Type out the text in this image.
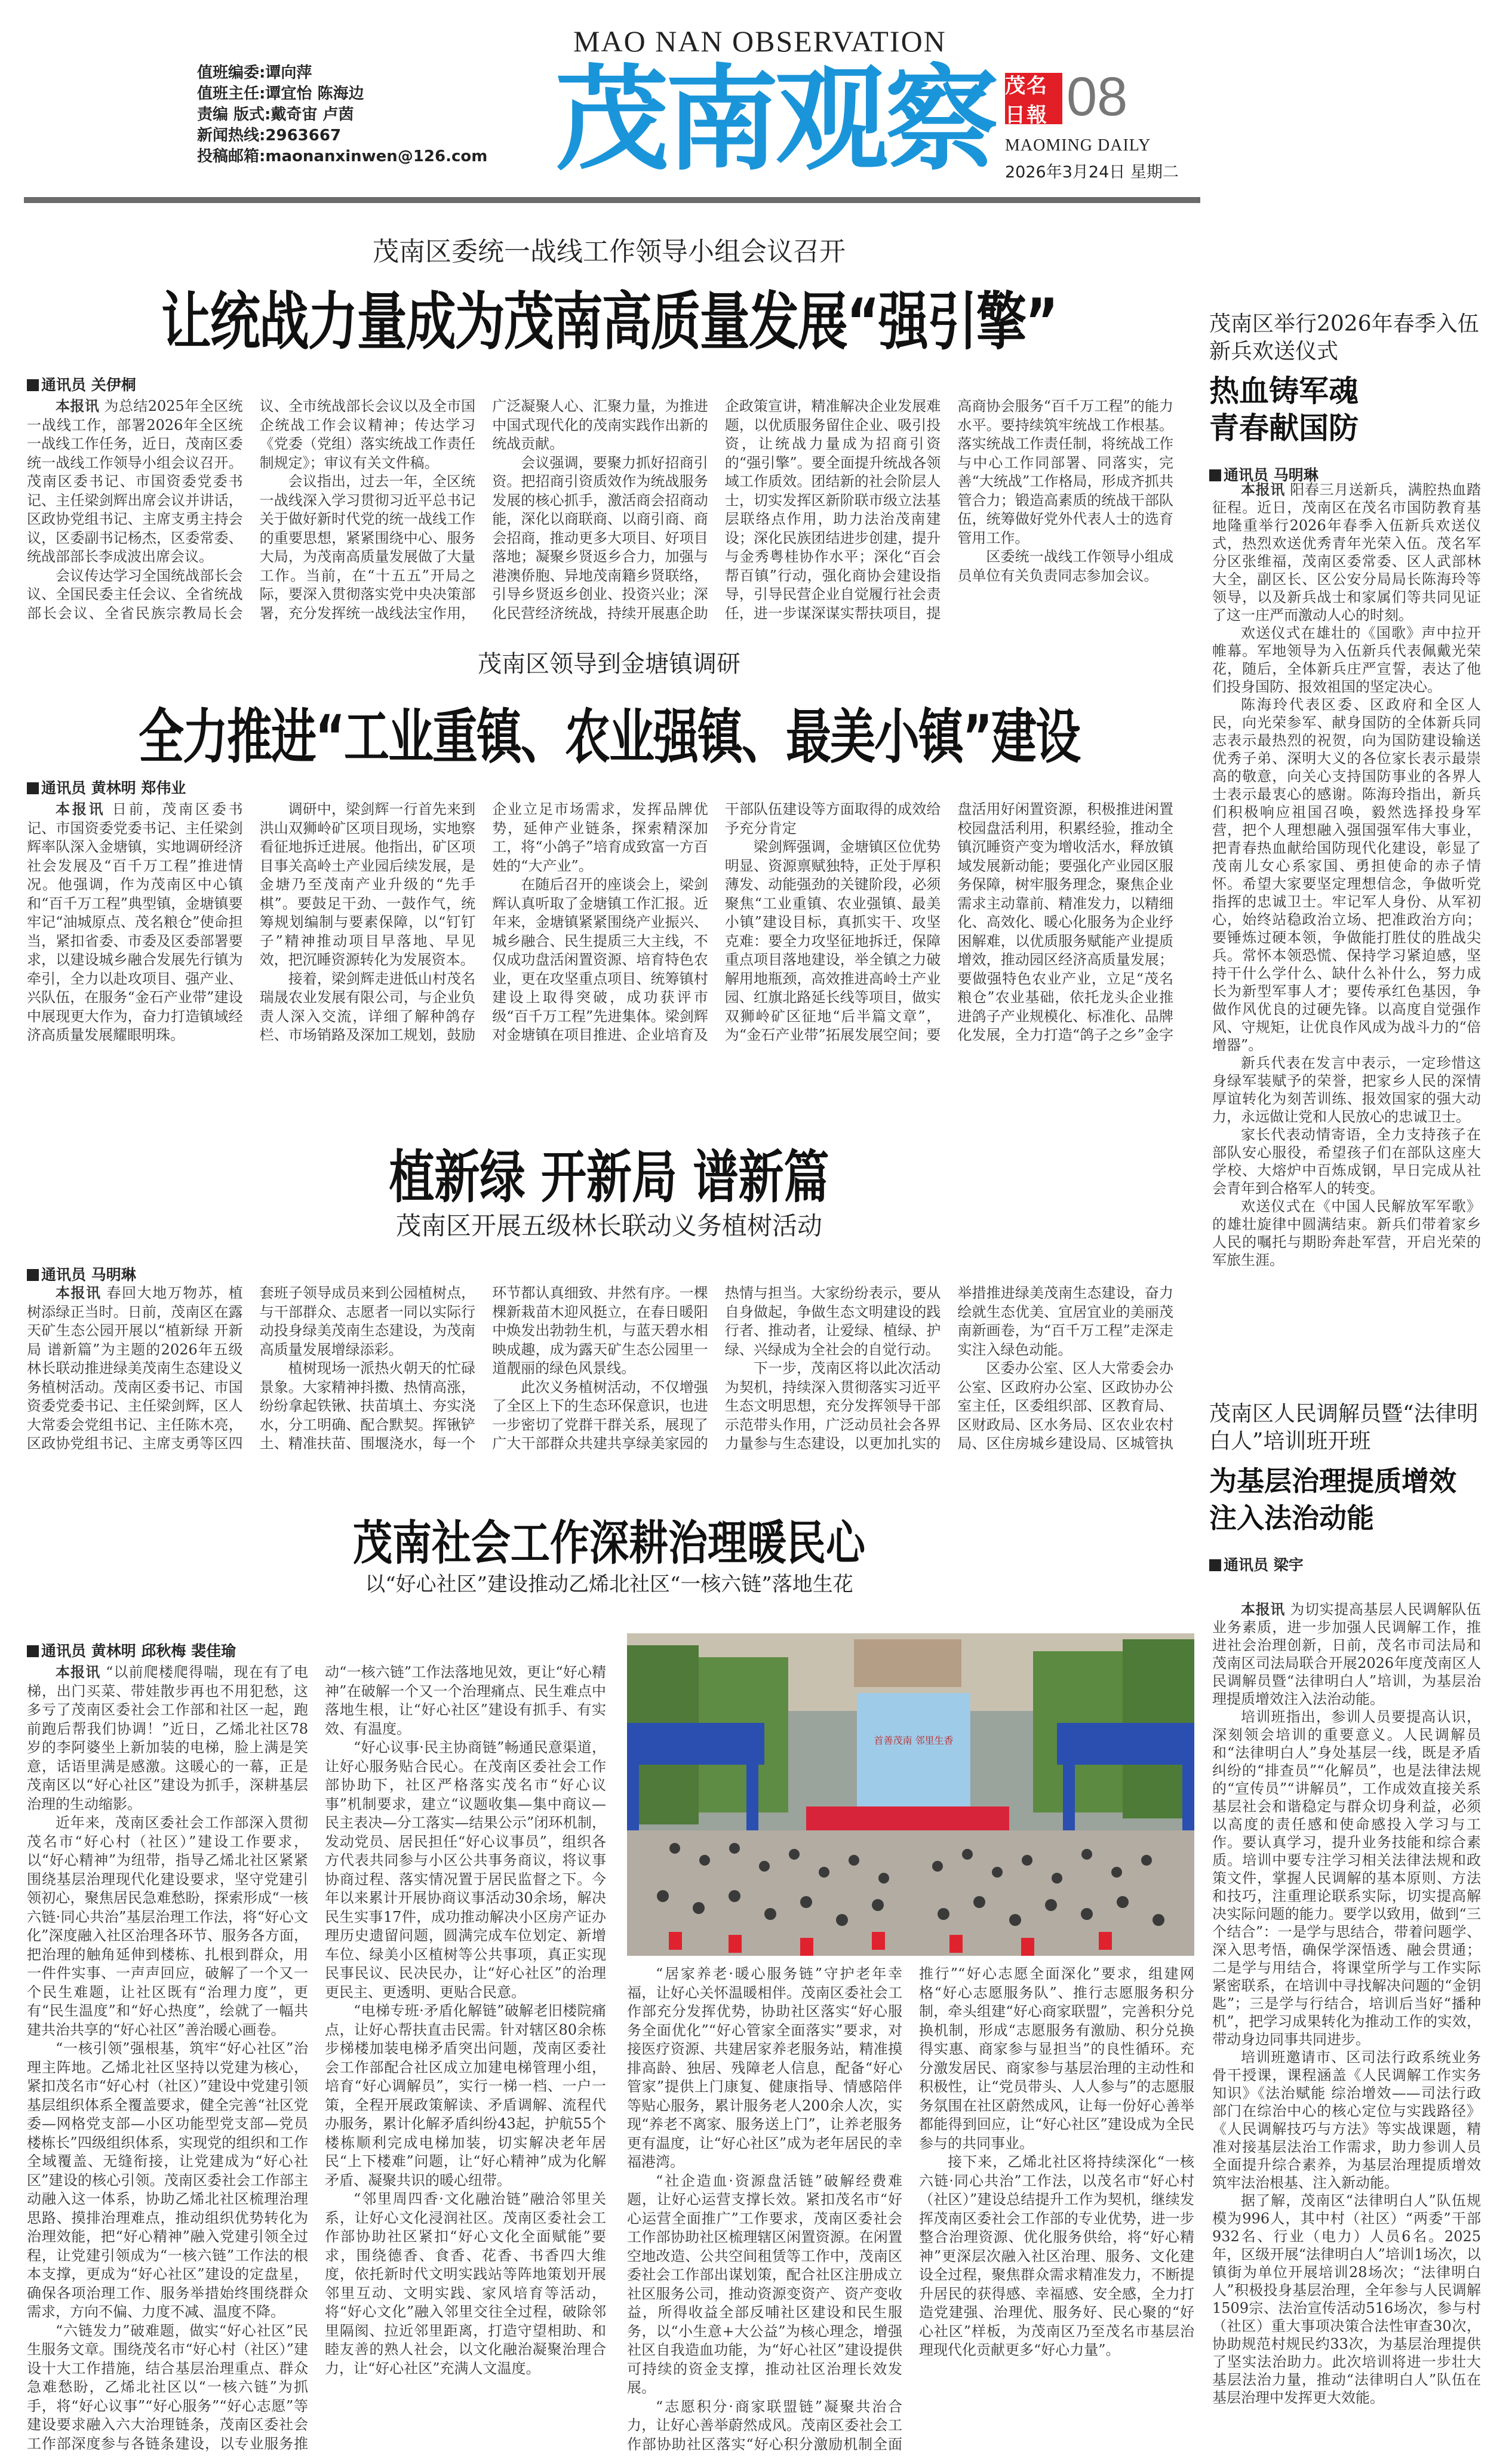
值班编委:谭向萍
值班主任:谭宜怡 陈海边
责编 版式:戴奇宙 卢茵
新闻热线:2963667
投稿邮箱:maonanxinwen@126.com
MAO NAN OBSERVATION
茂南观察 茂名日報 08
MAOMING DAILY
2026年3月24日 星期二
茂南区委统一战线工作领导小组会议召开
让统战力量成为茂南高质量发展“强引擎”
通讯员 关伊桐

本报讯 为总结2025年全区统一战线工作，部署2026年全区统一战线工作任务，近日，茂南区委统一战线工作领导小组会议召开。茂南区委书记、市国资委党委书记、主任梁剑辉出席会议并讲话，区政协党组书记、主席支勇主持会议，区委副书记杨杰，区委常委、统战部部长李成波出席会议。

会议传达学习全国统战部长会议、全国民委主任会议、全省统战部长会议、全省民族宗教局长会议、全市统战部长会议以及全市国企统战工作会议精神；传达学习《党委（党组）落实统战工作责任制规定》；审议有关文件稿。

会议指出，过去一年，全区统一战线深入学习贯彻习近平总书记关于做好新时代党的统一战线工作的重要思想，紧紧围绕中心、服务大局，为茂南高质量发展做了大量工作。当前，在“十五五”开局之际，要深入贯彻落实党中央决策部署，充分发挥统一战线法宝作用，广泛凝聚人心、汇聚力量，为推进中国式现代化的茂南实践作出新的统战贡献。

会议强调，要聚力抓好招商引资。把招商引资质效作为统战服务发展的核心抓手，激活商会招商动能，深化以商联商、以商引商、商会招商，推动更多大项目、好项目落地；凝聚乡贤返乡合力，加强与港澳侨胞、异地茂南籍乡贤联络，引导乡贤返乡创业、投资兴业；深化民营经济统战，持续开展惠企助企政策宣讲，精准解决企业发展难题，以优质服务留住企业、吸引投资，让统战力量成为招商引资的“强引擎”。要全面提升统战各领域工作质效。团结新的社会阶层人士，切实发挥区新阶联市级立法基层联络点作用，助力法治茂南建设；深化民族团结进步创建，提升与金秀粤桂协作水平；深化“百会帮百镇”行动，强化商协会建设指导，引导民营企业自觉履行社会责任，进一步谋深谋实帮扶项目，提高商协会服务“百千万工程”的能力水平。要持续筑牢统战工作根基。落实统战工作责任制，将统战工作与中心工作同部署、同落实，完善“大统战”工作格局，形成齐抓共管合力；锻造高素质的统战干部队伍，统筹做好党外代表人士的选育管用工作。

区委统一战线工作领导小组成员单位有关负责同志参加会议。

茂南区领导到金塘镇调研
全力推进“工业重镇、农业强镇、最美小镇”建设
通讯员 黄林明 郑伟业

本报讯 日前，茂南区委书记、市国资委党委书记、主任梁剑辉率队深入金塘镇，实地调研经济社会发展及“百千万工程”推进情况。他强调，作为茂南区中心镇和“百千万工程”典型镇，金塘镇要牢记“油城原点、茂名粮仓”使命担当，紧扣省委、市委及区委部署要求，以建设城乡融合发展先行镇为牵引，全力以赴攻项目、强产业、兴队伍，在服务“金石产业带”建设中展现更大作为，奋力打造镇域经济高质量发展耀眼明珠。

调研中，梁剑辉一行首先来到洪山双狮岭矿区项目现场，实地察看征地拆迁进展。他指出，矿区项目事关高岭土产业园后续发展，是金塘乃至茂南产业升级的“先手棋”。要鼓足干劲、一鼓作气，统筹规划编制与要素保障，以“钉钉子”精神推动项目早落地、早见效，把沉睡资源转化为发展资本。

接着，梁剑辉走进低山村茂名瑞晟农业发展有限公司，与企业负责人深入交流，详细了解种鸽存栏、市场销路及深加工规划，鼓励企业立足市场需求，发挥品牌优势，延伸产业链条，探索精深加工，将“小鸽子”培育成致富一方百姓的“大产业”。

在随后召开的座谈会上，梁剑辉认真听取了金塘镇工作汇报。近年来，金塘镇紧紧围绕产业振兴、城乡融合、民生提质三大主线，不仅成功盘活闲置资源、培育特色农业，更在攻坚重点项目、统筹镇村建设上取得突破，成功获评市级“百千万工程”先进集体。梁剑辉对金塘镇在项目推进、企业培育及干部队伍建设等方面取得的成效给予充分肯定

梁剑辉强调，金塘镇区位优势明显、资源禀赋独特，正处于厚积薄发、动能强劲的关键阶段，必须聚焦“工业重镇、农业强镇、最美小镇”建设目标，真抓实干、攻坚克难：要全力攻坚征地拆迁，保障重点项目落地建设，举全镇之力破解用地瓶颈，高效推进高岭土产业园、红旗北路延长线等项目，做实双狮岭矿区征地“后半篇文章”，为“金石产业带”拓展发展空间；要盘活用好闲置资源，积极推进闲置校园盘活利用，积累经验，推动全镇沉睡资产变为增收活水，释放镇域发展新动能；要强化产业园区服务保障，树牢服务理念，聚焦企业需求主动靠前、精准发力，以精细化、高效化、暖心化服务为企业纾困解难，以优质服务赋能产业提质增效，推动园区经济高质量发展；要做强特色农业产业，立足“茂名粮仓”农业基础，依托龙头企业推进鸽子产业规模化、标准化、品牌化发展，全力打造“鸽子之乡”金字

植新绿 开新局 谱新篇
茂南区开展五级林长联动义务植树活动
通讯员 马明琳

本报讯 春回大地万物苏，植树添绿正当时。日前，茂南区在露天矿生态公园开展以“植新绿 开新局 谱新篇”为主题的2026年五级林长联动推进绿美茂南生态建设义务植树活动。茂南区委书记、市国资委党委书记、主任梁剑辉，区人大常委会党组书记、主任陈木亮，区政协党组书记、主席支勇等区四套班子领导成员来到公园植树点，与干部群众、志愿者一同以实际行动投身绿美茂南生态建设，为茂南高质量发展增绿添彩。

植树现场一派热火朝天的忙碌景象。大家精神抖擞、热情高涨，纷纷拿起铁锹、扶苗填土、夯实浇水，分工明确、配合默契。挥锹铲土、精准扶苗、围堰浇水，每一个环节都认真细致、井然有序。一棵棵新栽苗木迎风挺立，在春日暖阳中焕发出勃勃生机，与蓝天碧水相映成趣，成为露天矿生态公园里一道靓丽的绿色风景线。

此次义务植树活动，不仅增强了全区上下的生态环保意识，也进一步密切了党群干群关系，展现了广大干部群众共建共享绿美家园的热情与担当。大家纷纷表示，要从自身做起，争做生态文明建设的践行者、推动者，让爱绿、植绿、护绿、兴绿成为全社会的自觉行动。

下一步，茂南区将以此次活动为契机，持续深入贯彻落实习近平生态文明思想，充分发挥领导干部示范带头作用，广泛动员社会各界力量参与生态建设，以更加扎实的举措推进绿美茂南生态建设，奋力绘就生态优美、宜居宜业的美丽茂南新画卷，为“百千万工程”走深走实注入绿色动能。

区委办公室、区人大常委会办公室、区政府办公室、区政协办公室主任，区委组织部、区教育局、区财政局、区水务局、区农业农村局、区住房城乡建设局、区城管执

茂南社会工作深耕治理暖民心
以“好心社区”建设推动乙烯北社区“一核六链”落地生花
通讯员 黄林明 邱秋梅 裴佳瑜
首善茂南 邻里生香

本报讯 “以前爬楼爬得喘，现在有了电梯，出门买菜、带娃散步再也不用犯愁，这多亏了茂南区委社会工作部和社区一起，跑前跑后帮我们协调！”近日，乙烯北社区78岁的李阿婆坐上新加装的电梯，脸上满是笑意，话语里满是感激。这暖心的一幕，正是茂南区以“好心社区”建设为抓手，深耕基层治理的生动缩影。

近年来，茂南区委社会工作部深入贯彻茂名市“好心村（社区）”建设工作要求，以“好心精神”为纽带，指导乙烯北社区紧紧围绕基层治理现代化建设要求，坚守党建引领初心，聚焦居民急难愁盼，探索形成“一核六链·同心共治”基层治理工作法，将“好心文化”深度融入社区治理各环节、服务各方面，把治理的触角延伸到楼栋、扎根到群众，用一件件实事、一声声回应，破解了一个又一个民生难题，让社区既有“治理力度”，更有“民生温度”和“好心热度”，绘就了一幅共建共治共享的“好心社区”善治暖心画卷。

“一核引领”强根基，筑牢“好心社区”治理主阵地。乙烯北社区坚持以党建为核心，紧扣茂名市“好心村（社区）”建设中党建引领基层组织体系全覆盖要求，健全完善“社区党委—网格党支部—小区功能型党支部—党员楼栋长”四级组织体系，实现党的组织和工作全域覆盖、无缝衔接，让党建成为“好心社区”建设的核心引领。茂南区委社会工作部主动融入这一体系，协助乙烯北社区梳理治理思路、摸排治理难点，推动组织优势转化为治理效能，把“好心精神”融入党建引领全过程，让党建引领成为“一核六链”工作法的根本支撑，更成为“好心社区”建设的定盘星，确保各项治理工作、服务举措始终围绕群众需求，方向不偏、力度不减、温度不降。

“六链发力”破难题，做实“好心社区”民生服务文章。围绕茂名市“好心村（社区）”建设十大工作措施，结合基层治理重点、群众急难愁盼，乙烯北社区以“一核六链”为抓手，将“好心议事”“好心服务”“好心志愿”等建设要求融入六大治理链条，茂南区委社会工作部深度参与各链条建设，以专业服务推动“一核六链”工作法落地见效，更让“好心精神”在破解一个又一个治理痛点、民生难点中落地生根，让“好心社区”建设有抓手、有实效、有温度。

“好心议事·民主协商链”畅通民意渠道，让好心服务贴合民心。在茂南区委社会工作部协助下，社区严格落实茂名市“好心议事”机制要求，建立“议题收集—集中商议—民主表决—分工落实—结果公示”闭环机制，发动党员、居民担任“好心议事员”，组织各方代表共同参与小区公共事务商议，将议事协商过程、落实情况置于居民监督之下。今年以来累计开展协商议事活动30余场，解决民生实事17件，成功推动解决小区房产证办理历史遗留问题，圆满完成车位划定、新增车位、绿美小区植树等公共事项，真正实现民事民议、民决民办，让“好心社区”的治理更民主、更透明、更贴合民意。

“电梯专班·矛盾化解链”破解老旧楼院痛点，让好心帮扶直击民需。针对辖区80余栋步梯楼加装电梯矛盾突出问题，茂南区委社会工作部配合社区成立加建电梯管理小组，培育“好心调解员”，实行一梯一档、一户一策，全程开展政策解读、矛盾调解、流程代办服务，累计化解矛盾纠纷43起，护航55个楼栋顺利完成电梯加装，切实解决老年居民“上下楼难”问题，让“好心精神”成为化解矛盾、凝聚共识的暖心纽带。

“邻里周四香·文化融治链”融洽邻里关系，让好心文化浸润社区。茂南区委社会工作部协助社区紧扣“好心文化全面赋能”要求，围绕德香、食香、花香、书香四大维度，依托新时代文明实践站等阵地策划开展邻里互动、文明实践、家风培育等活动，将“好心文化”融入邻里交往全过程，破除邻里隔阂、拉近邻里距离，打造守望相助、和睦友善的熟人社会，以文化融治凝聚治理合力，让“好心社区”充满人文温度。

“居家养老·暖心服务链”守护老年幸福，让好心关怀温暖相伴。茂南区委社会工作部充分发挥优势，协助社区落实“好心服务全面优化”“好心管家全面落实”要求，对接医疗资源、共建居家养老服务站，精准摸排高龄、独居、残障老人信息，配备“好心管家”提供上门康复、健康指导、情感陪伴等贴心服务，累计服务老人200余人次，实现“养老不离家、服务送上门”，让养老服务更有温度，让“好心社区”成为老年居民的幸福港湾。

“社企造血·资源盘活链”破解经费难题，让好心运营支撑长效。紧扣茂名市“好心运营全面推广”工作要求，茂南区委社会工作部协助社区梳理辖区闲置资源。在闲置空地改造、公共空间租赁等工作中，茂南区委社会工作部出谋划策，配合社区注册成立社区服务公司，推动资源变资产、资产变收益，所得收益全部反哺社区建设和民生服务，以“小生意+大公益”为核心理念，增强社区自我造血功能，为“好心社区”建设提供可持续的资金支撑，推动社区治理长效发展。

“志愿积分·商家联盟链”凝聚共治合力，让好心善举蔚然成风。茂南区委社会工作部协助社区落实“好心积分激励机制全面推行”“好心志愿全面深化”要求，组建网格“好心志愿服务队”、推行志愿服务积分制，牵头组建“好心商家联盟”，完善积分兑换机制，形成“志愿服务有激励、积分兑换得实惠、商家参与显担当”的良性循环。充分激发居民、商家参与基层治理的主动性和积极性，让“党员带头、人人参与”的志愿服务氛围在社区蔚然成风，让每一份好心善举都能得到回应，让“好心社区”建设成为全民参与的共同事业。

接下来，乙烯北社区将持续深化“一核六链·同心共治”工作法，以茂名市“好心村（社区）”建设总结提升工作为契机，继续发挥茂南区委社会工作部的专业优势，进一步整合治理资源、优化服务供给，将“好心精神”更深层次融入社区治理、服务、文化建设全过程，聚焦群众需求精准发力，不断提升居民的获得感、幸福感、安全感，全力打造党建强、治理优、服务好、民心聚的“好心社区”样板，为茂南区乃至茂名市基层治理现代化贡献更多“好心力量”。

茂南区举行2026年春季入伍新兵欢送仪式
热血铸军魂
青春献国防
通讯员 马明琳

本报讯 阳春三月送新兵，满腔热血踏征程。近日，茂南区在茂名市国防教育基地隆重举行2026年春季入伍新兵欢送仪式，热烈欢送优秀青年光荣入伍。茂名军分区张维福，茂南区委常委、区人武部林大全，副区长、区公安分局局长陈海玲等领导，以及新兵战士和家属们等共同见证了这一庄严而激动人心的时刻。

欢送仪式在雄壮的《国歌》声中拉开帷幕。军地领导为入伍新兵代表佩戴光荣花，随后，全体新兵庄严宣誓，表达了他们投身国防、报效祖国的坚定决心。

陈海玲代表区委、区政府和全区人民，向光荣参军、献身国防的全体新兵同志表示最热烈的祝贺，向为国防建设输送优秀子弟、深明大义的各位家长表示最崇高的敬意，向关心支持国防事业的各界人士表示最衷心的感谢。陈海玲指出，新兵们积极响应祖国召唤，毅然选择投身军营，把个人理想融入强国强军伟大事业，把青春热血献给国防现代化建设，彰显了茂南儿女心系家国、勇担使命的赤子情怀。希望大家要坚定理想信念，争做听党指挥的忠诚卫士。牢记军人身份、从军初心，始终站稳政治立场、把准政治方向；要锤炼过硬本领，争做能打胜仗的胜战尖兵。常怀本领恐慌、保持学习紧迫感，坚持干什么学什么、缺什么补什么，努力成长为新型军事人才；要传承红色基因，争做作风优良的过硬先锋。以高度自觉强作风、守规矩，让优良作风成为战斗力的“倍增器”。

新兵代表在发言中表示，一定珍惜这身绿军装赋予的荣誉，把家乡人民的深情厚谊转化为刻苦训练、报效国家的强大动力，永远做让党和人民放心的忠诚卫士。

家长代表动情寄语，全力支持孩子在部队安心服役，希望孩子们在部队这座大学校、大熔炉中百炼成钢，早日完成从社会青年到合格军人的转变。

欢送仪式在《中国人民解放军军歌》的雄壮旋律中圆满结束。新兵们带着家乡人民的嘱托与期盼奔赴军营，开启光荣的军旅生涯。

茂南区人民调解员暨“法律明白人”培训班开班
为基层治理提质增效
注入法治动能
通讯员 梁宇

本报讯 为切实提高基层人民调解队伍业务素质，进一步加强人民调解工作，推进社会治理创新，日前，茂名市司法局和茂南区司法局联合开展2026年度茂南区人民调解员暨“法律明白人”培训，为基层治理提质增效注入法治动能。

培训班指出，参训人员要提高认识，深刻领会培训的重要意义。人民调解员和“法律明白人”身处基层一线，既是矛盾纠纷的“排查员”“化解员”，也是法律法规的“宣传员”“讲解员”，工作成效直接关系基层社会和谐稳定与群众切身利益，必须以高度的责任感和使命感投入学习与工作。要认真学习，提升业务技能和综合素质。培训中要专注学习相关法律法规和政策文件，掌握人民调解的基本原则、方法和技巧，注重理论联系实际，切实提高解决实际问题的能力。要学以致用，做到“三个结合”：一是学与思结合，带着问题学、深入思考悟，确保学深悟透、融会贯通；二是学与用结合，将课堂所学与工作实际紧密联系，在培训中寻找解决问题的“金钥匙”；三是学与行结合，培训后当好“播种机”，把学习成果转化为推动工作的实效，带动身边同事共同进步。

培训班邀请市、区司法行政系统业务骨干授课，课程涵盖《人民调解工作实务知识》《法治赋能 综治增效——司法行政部门在综治中心的核心定位与实践路径》《人民调解技巧与方法》等实战课题，精准对接基层法治工作需求，助力参训人员全面提升综合素养，为基层治理提质增效筑牢法治根基、注入新动能。

据了解，茂南区“法律明白人”队伍规模为996人，其中村（社区）“两委”干部932名、行业（电力）人员6名。2025年，区级开展“法律明白人”培训1场次，以镇街为单位开展培训28场次；“法律明白人”积极投身基层治理，全年参与人民调解1509宗、法治宣传活动516场次，参与村（社区）重大事项决策合法性审查30次，协助规范村规民约33次，为基层治理提供了坚实法治助力。此次培训将进一步壮大基层法治力量，推动“法律明白人”队伍在基层治理中发挥更大效能。
